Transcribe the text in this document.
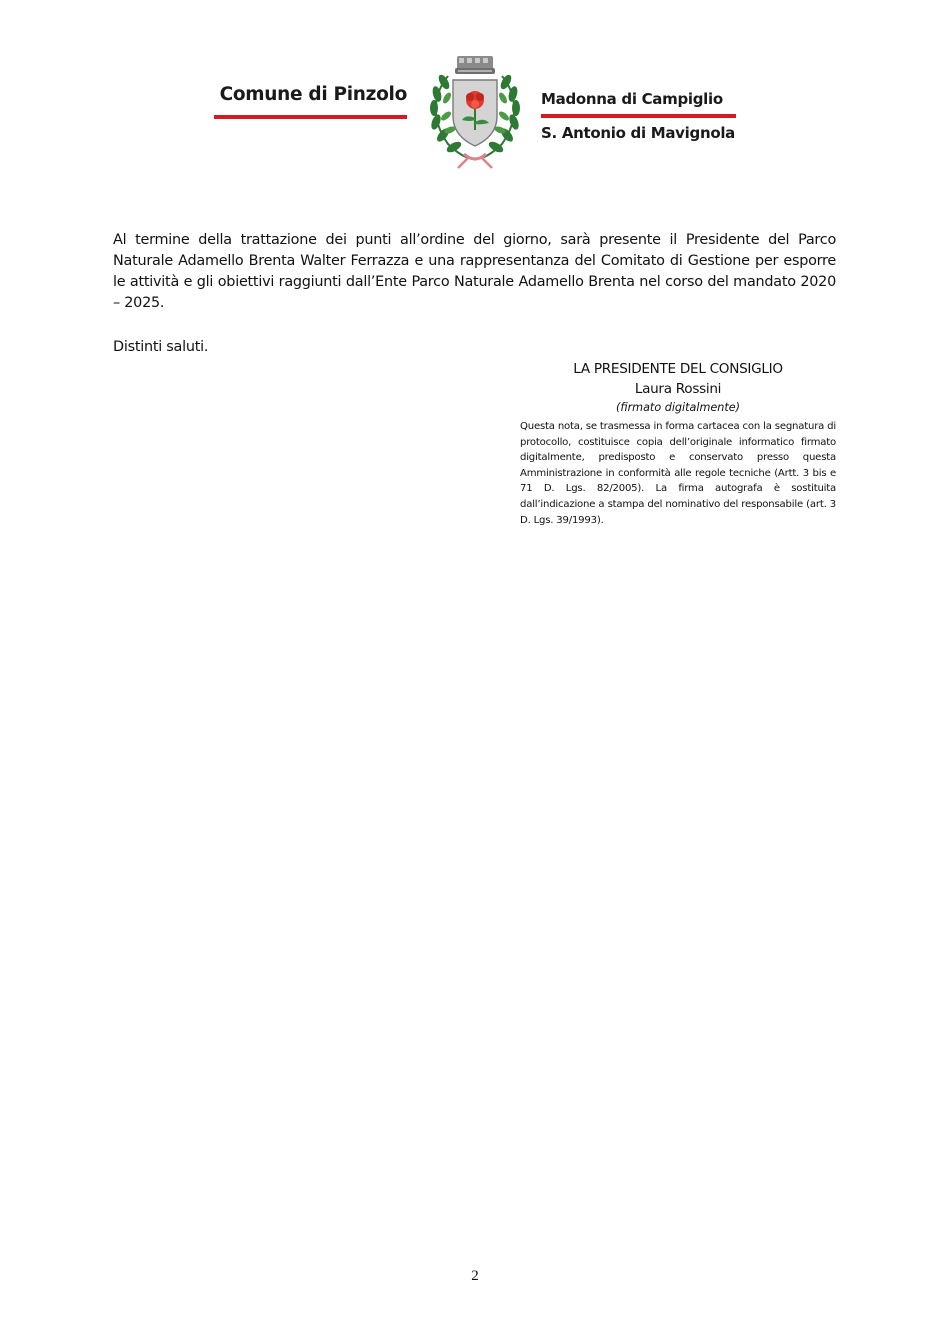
Comune di Pinzolo	Madonna di Campiglio
S. Antonio di Mavignola
Al termine della trattazione dei punti all’ordine del giorno, sarà presente il Presidente del Parco Naturale Adamello Brenta Walter Ferrazza e una rappresentanza del Comitato di Gestione per esporre le attività e gli obiettivi raggiunti dall’Ente Parco Naturale Adamello Brenta nel corso del mandato 2020 – 2025.
Distinti saluti.
LA PRESIDENTE DEL CONSIGLIO
Laura Rossini
(firmato digitalmente)
Questa nota, se trasmessa in forma cartacea con la segnatura di protocollo, costituisce copia dell’originale informatico firmato digitalmente, predisposto e conservato presso questa Amministrazione in conformità alle regole tecniche (Artt. 3 bis e 71 D. Lgs. 82/2005). La firma autografa è sostituita dall’indicazione a stampa del nominativo del responsabile (art. 3 D. Lgs. 39/1993).
2
